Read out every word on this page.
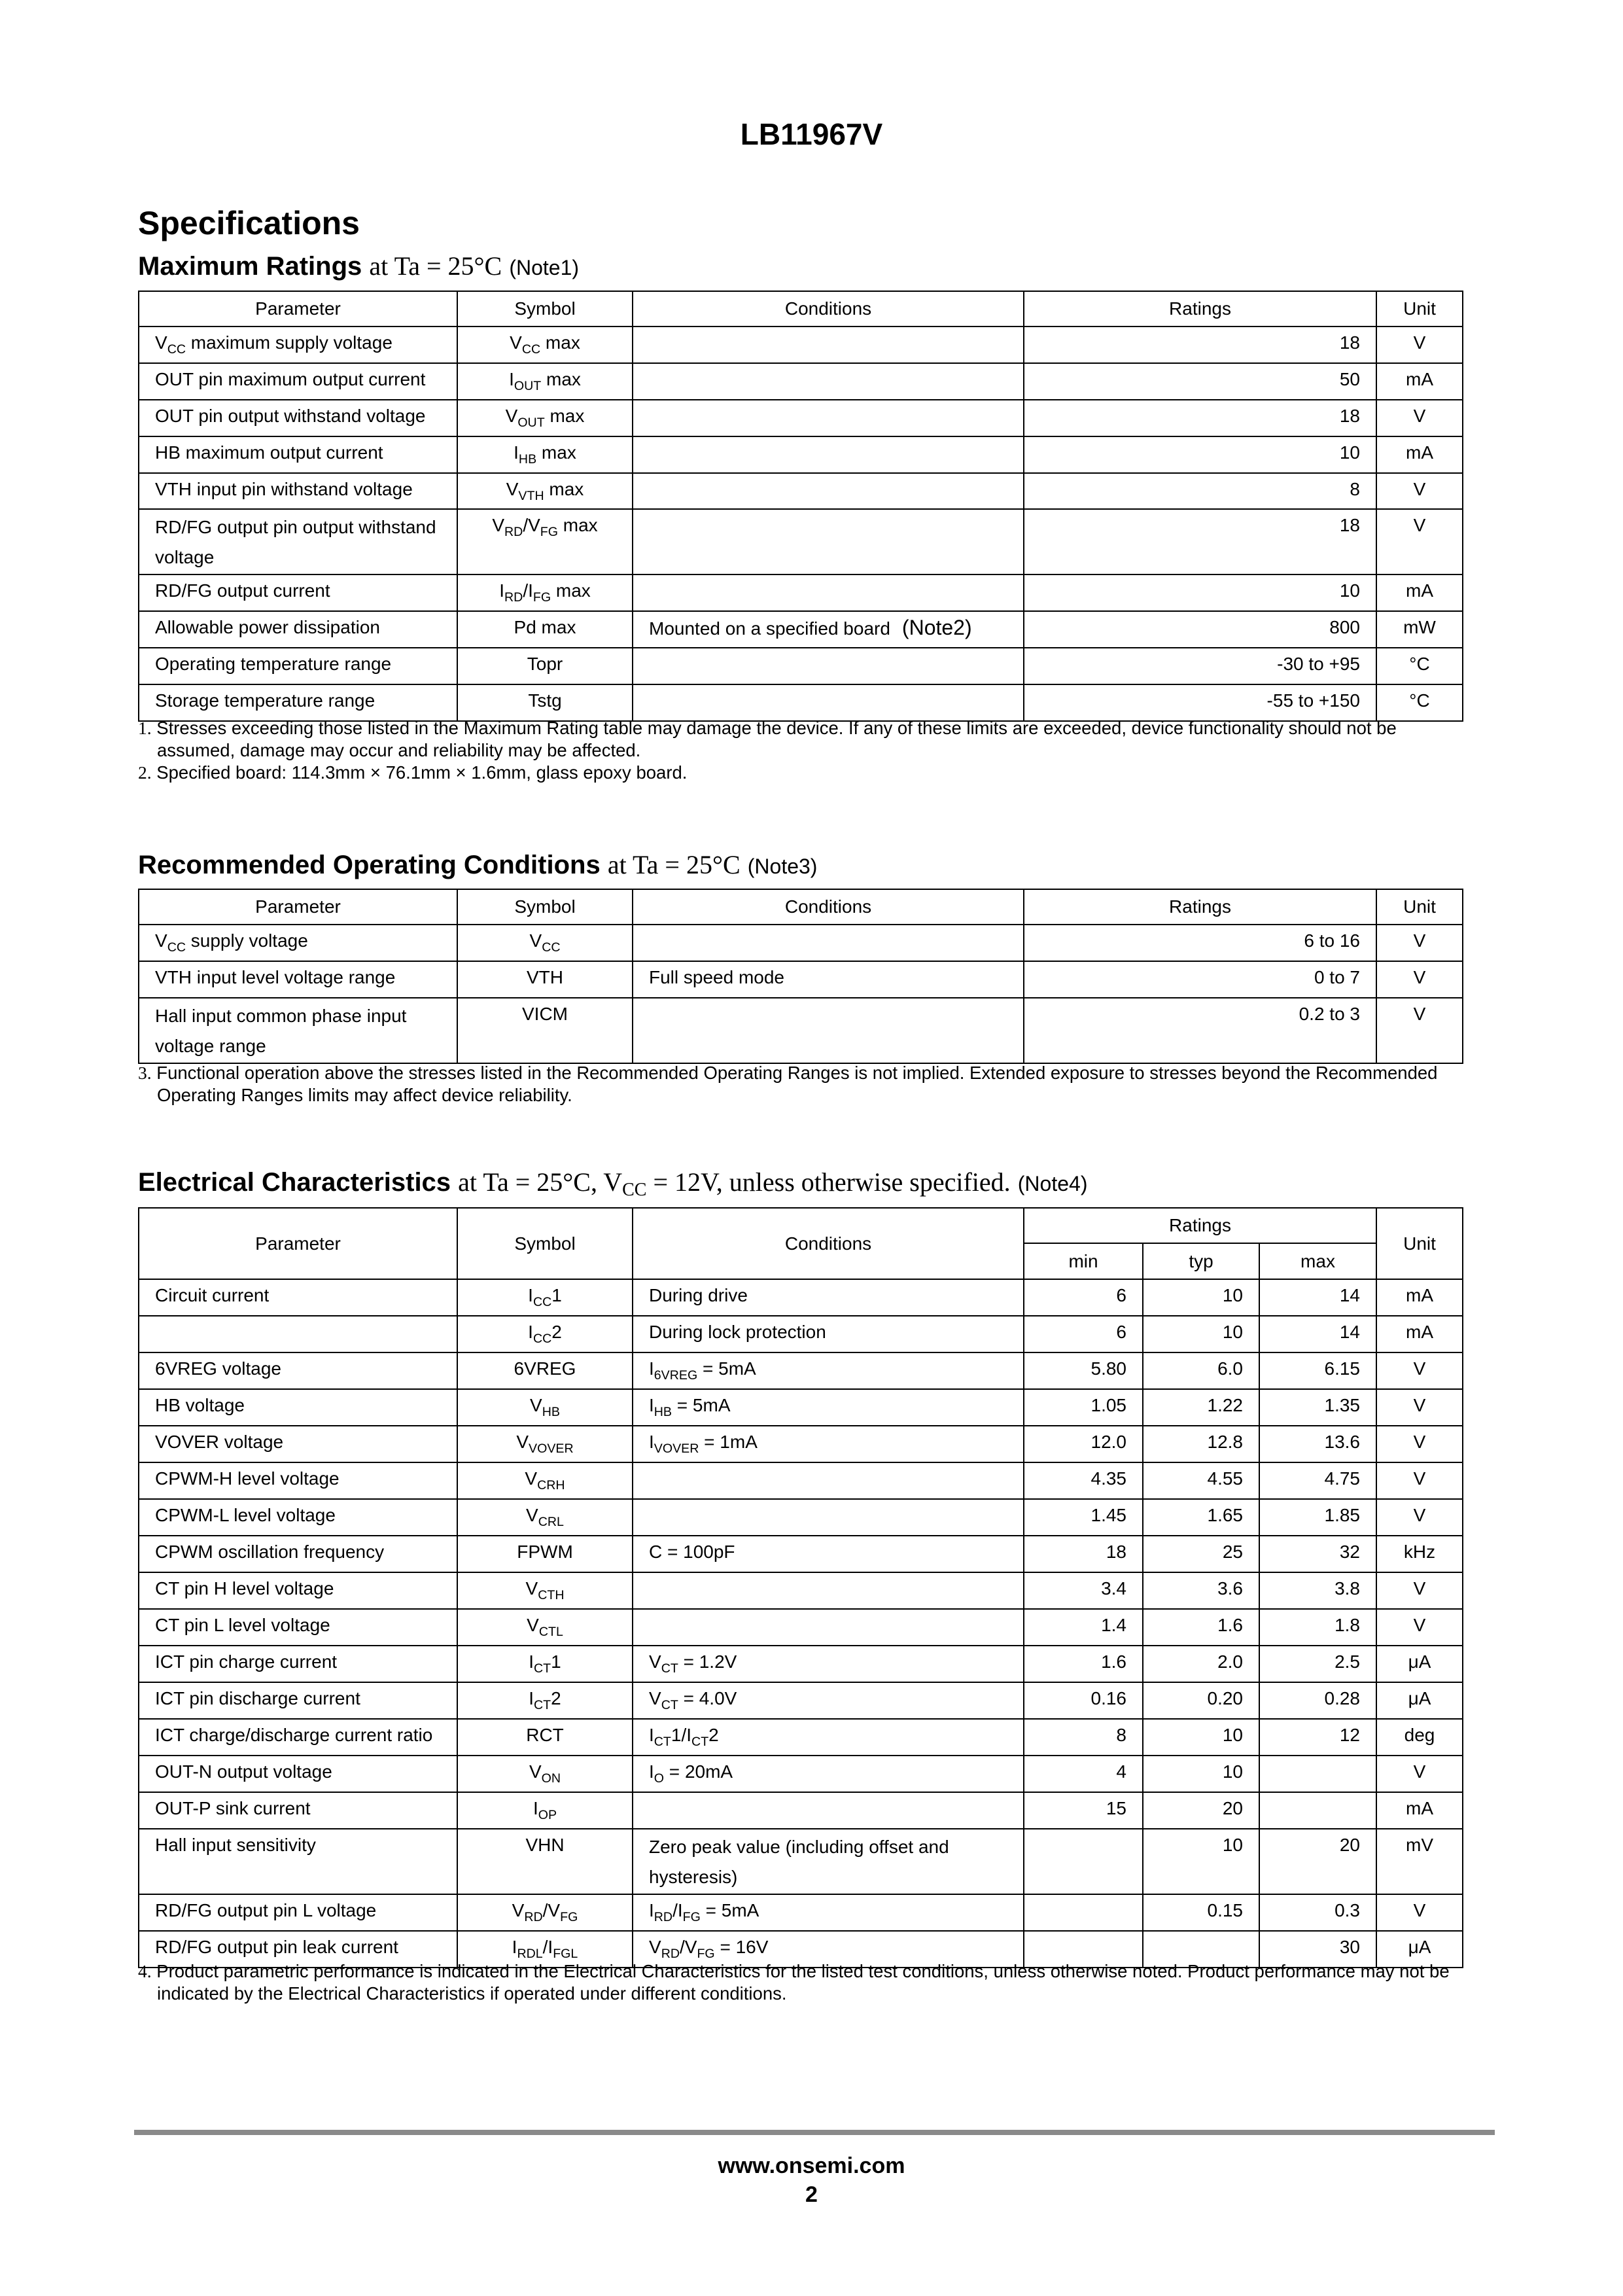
LB11967V
Specifications
Maximum Ratings at Ta = 25°C (Note1)
Parameter	Symbol	Conditions	Ratings	Unit
$V_{CC}$ maximum supply voltage	$V_{CC}$ max		18	V
OUT pin maximum output current	$I_{OUT}$ max		50	mA
OUT pin output withstand voltage	$V_{OUT}$ max		18	V
HB maximum output current	$I_{HB}$ max		10	mA
VTH input pin withstand voltage	$V_{VTH}$ max		8	V
RD/FG output pin output withstand voltage	$V_{RD}/V_{FG}$ max		18	V
RD/FG output current	$I_{RD}/I_{FG}$ max		10	mA
Allowable power dissipation	Pd max	Mounted on a specified board (Note2)	800	mW
Operating temperature range	Topr		-30 to +95	°C
Storage temperature range	Tstg		-55 to +150	°C

1. Stresses exceeding those listed in the Maximum Rating table may damage the device. If any of these limits are exceeded, device functionality should not be assumed, damage may occur and reliability may be affected.

2. Specified board: 114.3mm × 76.1mm × 1.6mm, glass epoxy board.

Recommended Operating Conditions at Ta = 25°C (Note3)
Parameter	Symbol	Conditions	Ratings	Unit
$V_{CC}$ supply voltage	$V_{CC}$		6 to 16	V
VTH input level voltage range	VTH	Full speed mode	0 to 7	V
Hall input common phase input voltage range	VICM		0.2 to 3	V

3. Functional operation above the stresses listed in the Recommended Operating Ranges is not implied. Extended exposure to stresses beyond the Recommended Operating Ranges limits may affect device reliability.

Electrical Characteristics at Ta = 25°C, $V_{CC} = 12V$, unless otherwise specified. (Note4)
Parameter	Symbol	Conditions	Ratings			Unit
			min	typ	max	
Circuit current	$I_{CC}1$	During drive	6	10	14	mA
	$I_{CC}2$	During lock protection	6	10	14	mA
6VREG voltage	6VREG	$I_{6VREG} = 5mA$	5.80	6.0	6.15	V
HB voltage	$V_{HB}$	$I_{HB} = 5mA$	1.05	1.22	1.35	V
VOVER voltage	$V_{VOVER}$	$I_{VOVER} = 1mA$	12.0	12.8	13.6	V
CPWM-H level voltage	$V_{CRH}$		4.35	4.55	4.75	V
CPWM-L level voltage	$V_{CRL}$		1.45	1.65	1.85	V
CPWM oscillation frequency	FPWM	C = 100pF	18	25	32	kHz
CT pin H level voltage	$V_{CTH}$		3.4	3.6	3.8	V
CT pin L level voltage	$V_{CTL}$		1.4	1.6	1.8	V
ICT pin charge current	$I_{CT}1$	$V_{CT} = 1.2V$	1.6	2.0	2.5	μA
ICT pin discharge current	$I_{CT}2$	$V_{CT} = 4.0V$	0.16	0.20	0.28	μA
ICT charge/discharge current ratio	RCT	$I_{CT}1/I_{CT}2$	8	10	12	deg
OUT-N output voltage	$V_{ON}$	$I_O = 20mA$	4	10		V
OUT-P sink current	$I_{OP}$		15	20		mA
Hall input sensitivity	VHN	Zero peak value (including offset and hysteresis)		10	20	mV
RD/FG output pin L voltage	$V_{RD}/V_{FG}$	$I_{RD}/I_{FG} = 5mA$		0.15	0.3	V
RD/FG output pin leak current	$I_{RDL}/I_{FGL}$	$V_{RD}/V_{FG} = 16V$			30	μA

4. Product parametric performance is indicated in the Electrical Characteristics for the listed test conditions, unless otherwise noted. Product performance may not be indicated by the Electrical Characteristics if operated under different conditions.

www.onsemi.com
2
